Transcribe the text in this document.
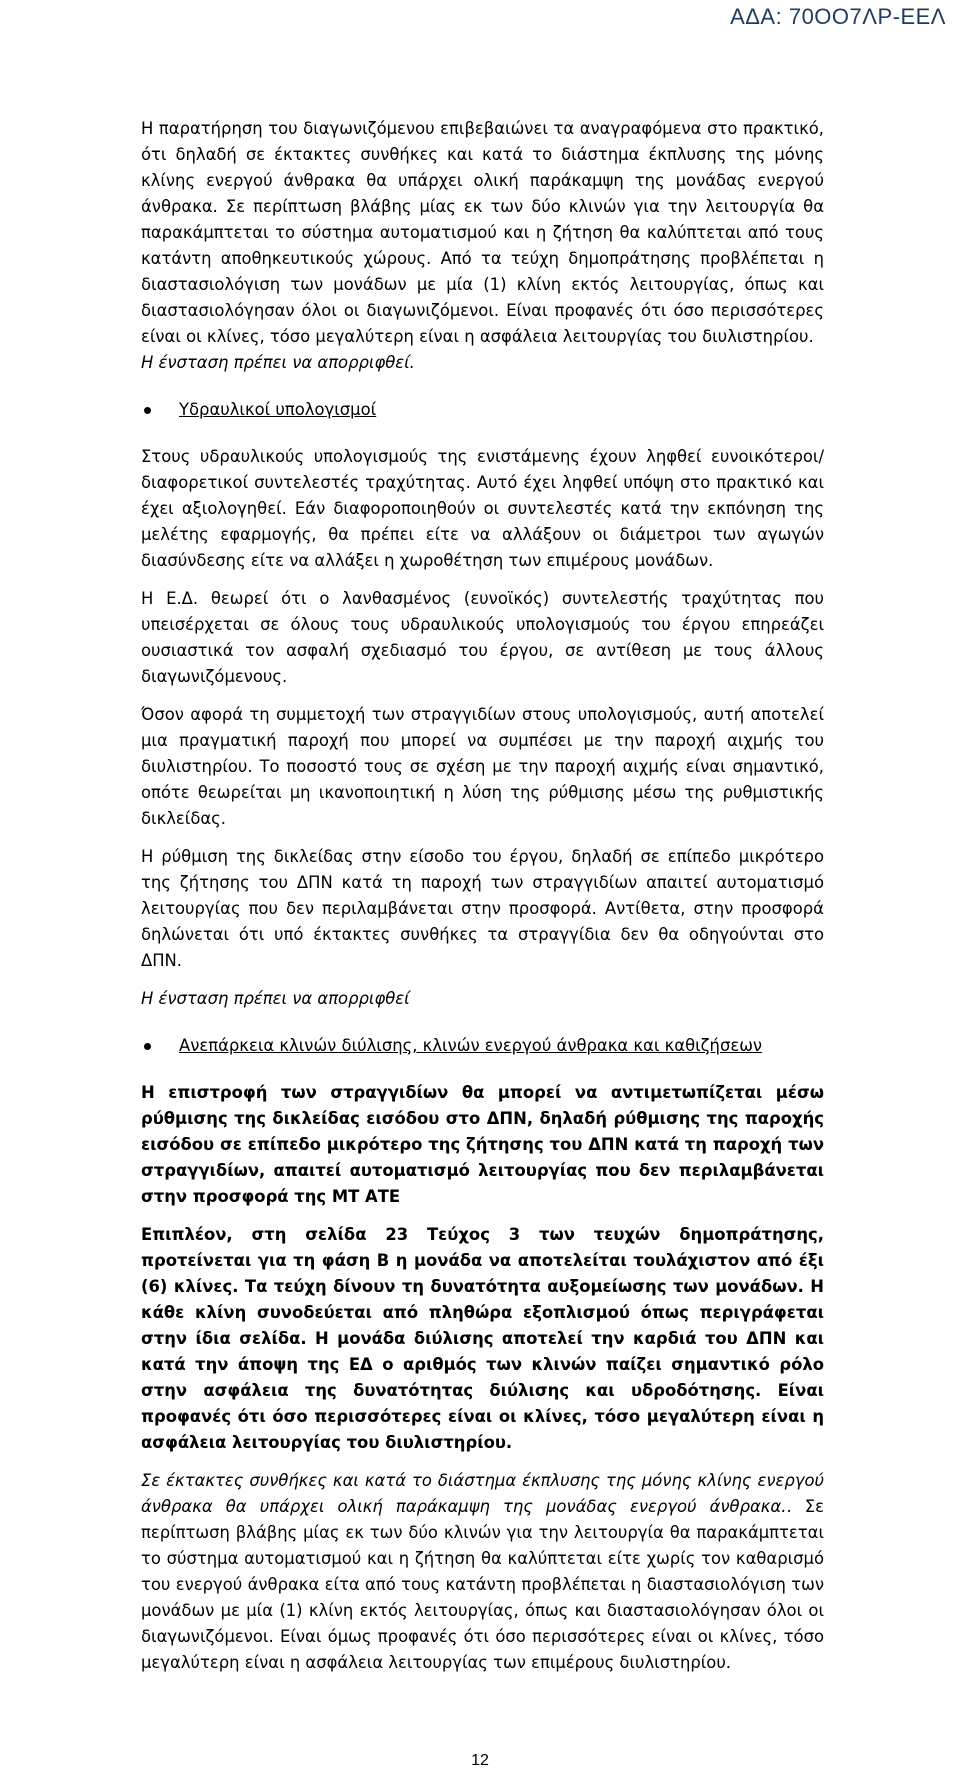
ΑΔΑ: 70ΟΟ7ΛΡ-ΕΕΛ

Η παρατήρηση του διαγωνιζόμενου επιβεβαιώνει τα αναγραφόμενα στο πρακτικό, ότι δηλαδή σε έκτακτες συνθήκες και κατά το διάστημα έκπλυσης της μόνης κλίνης ενεργού άνθρακα θα υπάρχει ολική παράκαμψη της μονάδας ενεργού άνθρακα. Σε περίπτωση βλάβης μίας εκ των δύο κλινών για την λειτουργία θα παρακάμπτεται το σύστημα αυτοματισμού και η ζήτηση θα καλύπτεται από τους κατάντη αποθηκευτικούς χώρους. Από τα τεύχη δημοπράτησης προβλέπεται η διαστασιολόγιση των μονάδων με μία (1) κλίνη εκτός λειτουργίας, όπως και διαστασιολόγησαν όλοι οι διαγωνιζόμενοι. Είναι προφανές ότι όσο περισσότερες είναι οι κλίνες, τόσο μεγαλύτερη είναι η ασφάλεια λειτουργίας του διυλιστηρίου.

Η ένσταση πρέπει να απορριφθεί.

Υδραυλικοί υπολογισμοί

Στους υδραυλικούς υπολογισμούς της ενιστάμενης έχουν ληφθεί ευνοικότεροι/διαφορετικοί συντελεστές τραχύτητας. Αυτό έχει ληφθεί υπόψη στο πρακτικό και έχει αξιολογηθεί. Εάν διαφοροποιηθούν οι συντελεστές κατά την εκπόνηση της μελέτης εφαρμογής, θα πρέπει είτε να αλλάξουν οι διάμετροι των αγωγών διασύνδεσης είτε να αλλάξει η χωροθέτηση των επιμέρους μονάδων.

Η Ε.Δ. θεωρεί ότι ο λανθασμένος (ευνοϊκός) συντελεστής τραχύτητας που υπεισέρχεται σε όλους τους υδραυλικούς υπολογισμούς του έργου επηρεάζει ουσιαστικά τον ασφαλή σχεδιασμό του έργου, σε αντίθεση με τους άλλους διαγωνιζόμενους.

Όσον αφορά τη συμμετοχή των στραγγιδίων στους υπολογισμούς, αυτή αποτελεί μια πραγματική παροχή που μπορεί να συμπέσει με την παροχή αιχμής του διυλιστηρίου. Το ποσοστό τους σε σχέση με την παροχή αιχμής είναι σημαντικό, οπότε θεωρείται μη ικανοποιητική η λύση της ρύθμισης μέσω της ρυθμιστικής δικλείδας.

Η ρύθμιση της δικλείδας στην είσοδο του έργου, δηλαδή σε επίπεδο μικρότερο της ζήτησης του ΔΠΝ κατά τη παροχή των στραγγιδίων απαιτεί αυτοματισμό λειτουργίας που δεν περιλαμβάνεται στην προσφορά. Αντίθετα, στην προσφορά δηλώνεται ότι υπό έκτακτες συνθήκες τα στραγγίδια δεν θα οδηγούνται στο ΔΠΝ.

Η ένσταση πρέπει να απορριφθεί

Ανεπάρκεια κλινών διύλισης, κλινών ενεργού άνθρακα και καθιζήσεων

Η επιστροφή των στραγγιδίων θα μπορεί να αντιμετωπίζεται μέσω ρύθμισης της δικλείδας εισόδου στο ΔΠΝ, δηλαδή ρύθμισης της παροχής εισόδου σε επίπεδο μικρότερο της ζήτησης του ΔΠΝ κατά τη παροχή των στραγγιδίων, απαιτεί αυτοματισμό λειτουργίας που δεν περιλαμβάνεται στην προσφορά της ΜΤ ΑΤΕ

Επιπλέον, στη σελίδα 23 Τεύχος 3 των τευχών δημοπράτησης, προτείνεται για τη φάση Β η μονάδα να αποτελείται τουλάχιστον από έξι (6) κλίνες. Τα τεύχη δίνουν τη δυνατότητα αυξομείωσης των μονάδων. Η κάθε κλίνη συνοδεύεται από πληθώρα εξοπλισμού όπως περιγράφεται στην ίδια σελίδα. Η μονάδα διύλισης αποτελεί την καρδιά του ΔΠΝ και κατά την άποψη της ΕΔ ο αριθμός των κλινών παίζει σημαντικό ρόλο στην ασφάλεια της δυνατότητας διύλισης και υδροδότησης. Είναι προφανές ότι όσο περισσότερες είναι οι κλίνες, τόσο μεγαλύτερη είναι η ασφάλεια λειτουργίας του διυλιστηρίου.

Σε έκτακτες συνθήκες και κατά το διάστημα έκπλυσης της μόνης κλίνης ενεργού άνθρακα θα υπάρχει ολική παράκαμψη της μονάδας ενεργού άνθρακα.. Σε περίπτωση βλάβης μίας εκ των δύο κλινών για την λειτουργία θα παρακάμπτεται το σύστημα αυτοματισμού και η ζήτηση θα καλύπτεται είτε χωρίς τον καθαρισμό του ενεργού άνθρακα είτα από τους κατάντη προβλέπεται η διαστασιολόγιση των μονάδων με μία (1) κλίνη εκτός λειτουργίας, όπως και διαστασιολόγησαν όλοι οι διαγωνιζόμενοι. Είναι όμως προφανές ότι όσο περισσότερες είναι οι κλίνες, τόσο μεγαλύτερη είναι η ασφάλεια λειτουργίας των επιμέρους διυλιστηρίου.

12
